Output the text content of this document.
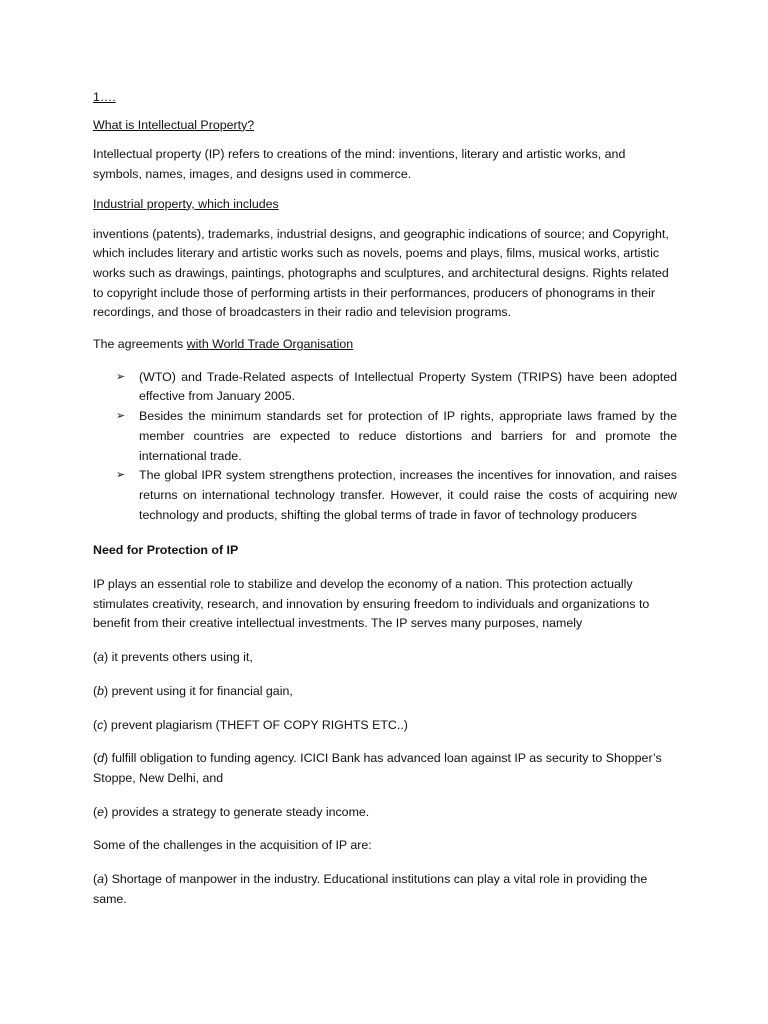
1….

What is Intellectual Property?

Intellectual property (IP) refers to creations of the mind: inventions, literary and artistic works, and symbols, names, images, and designs used in commerce.

Industrial property, which includes

inventions (patents), trademarks, industrial designs, and geographic indications of source; and Copyright, which includes literary and artistic works such as novels, poems and plays, films, musical works, artistic works such as drawings, paintings, photographs and sculptures, and architectural designs. Rights related to copyright include those of performing artists in their performances, producers of phonograms in their recordings, and those of broadcasters in their radio and television programs.

The agreements with World Trade Organisation

➢ (WTO) and Trade-Related aspects of Intellectual Property System (TRIPS) have been adopted effective from January 2005.
➢ Besides the minimum standards set for protection of IP rights, appropriate laws framed by the member countries are expected to reduce distortions and barriers for and promote the international trade.
➢ The global IPR system strengthens protection, increases the incentives for innovation, and raises returns on international technology transfer. However, it could raise the costs of acquiring new technology and products, shifting the global terms of trade in favor of technology producers

Need for Protection of IP

IP plays an essential role to stabilize and develop the economy of a nation. This protection actually stimulates creativity, research, and innovation by ensuring freedom to individuals and organizations to benefit from their creative intellectual investments. The IP serves many purposes, namely

(a) it prevents others using it,

(b) prevent using it for financial gain,

(c) prevent plagiarism (THEFT OF COPY RIGHTS ETC..)

(d) fulfill obligation to funding agency. ICICI Bank has advanced loan against IP as security to Shopper’s Stoppe, New Delhi, and

(e) provides a strategy to generate steady income.

Some of the challenges in the acquisition of IP are:

(a) Shortage of manpower in the industry. Educational institutions can play a vital role in providing the same.
